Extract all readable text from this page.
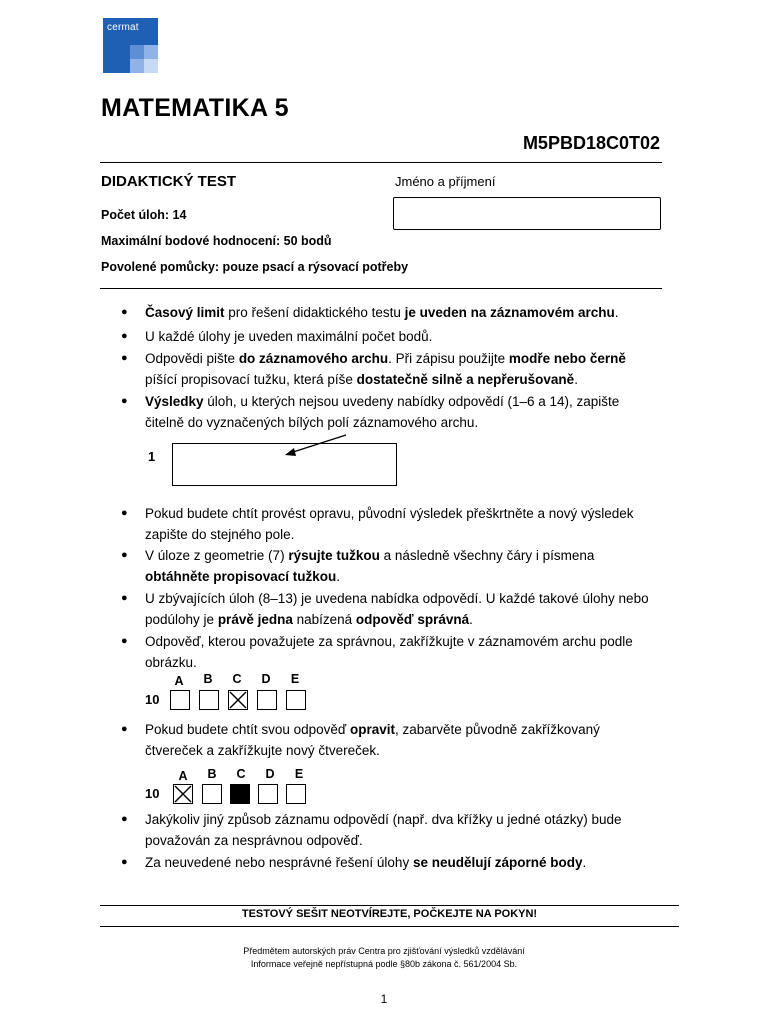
cermat
MATEMATIKA 5
M5PBD18C0T02
DIDAKTICKÝ TEST	Jméno a příjmení
Počet úloh: 14
Maximální bodové hodnocení: 50 bodů
Povolené pomůcky: pouze psací a rýsovací potřeby
● Časový limit pro řešení didaktického testu je uveden na záznamovém archu.
● U každé úlohy je uveden maximální počet bodů.
● Odpovědi pište do záznamového archu. Při zápisu použijte modře nebo černě píšící propisovací tužku, která píše dostatečně silně a nepřerušovaně.
● Výsledky úloh, u kterých nejsou uvedeny nabídky odpovědí (1–6 a 14), zapište čitelně do vyznačených bílých polí záznamového archu.
1
● Pokud budete chtít provést opravu, původní výsledek přeškrtněte a nový výsledek zapište do stejného pole.
● V úloze z geometrie (7) rýsujte tužkou a následně všechny čáry i písmena obtáhněte propisovací tužkou.
● U zbývajících úloh (8–13) je uvedena nabídka odpovědí. U každé takové úlohy nebo podúlohy je právě jedna nabízená odpověď správná.
● Odpověď, kterou považujete za správnou, zakřížkujte v záznamovém archu podle obrázku.
A	B	C	D	E
10
● Pokud budete chtít svou odpověď opravit, zabarvěte původně zakřížkovaný čtvereček a zakřížkujte nový čtvereček.
A	B	C	D	E
10
● Jakýkoliv jiný způsob záznamu odpovědí (např. dva křížky u jedné otázky) bude považován za nesprávnou odpověď.
● Za neuvedené nebo nesprávné řešení úlohy se neudělují záporné body.
TESTOVÝ SEŠIT NEOTVÍREJTE, POČKEJTE NA POKYN!
Předmětem autorských práv Centra pro zjišťování výsledků vzdělávání
Informace veřejně nepřístupná podle §80b zákona č. 561/2004 Sb.
1
